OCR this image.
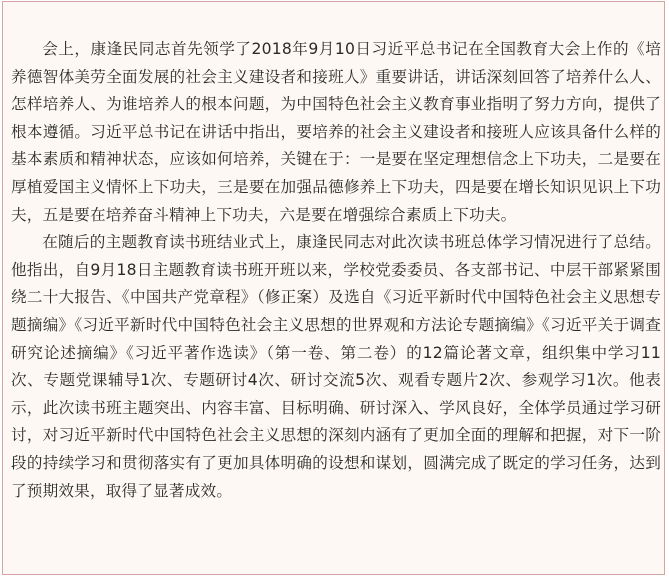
会上，康逢民同志首先领学了2018年9月10日习近平总书记在全国教育大会上作的《培养德智体美劳全面发展的社会主义建设者和接班人》重要讲话，讲话深刻回答了培养什么人、怎样培养人、为谁培养人的根本问题，为中国特色社会主义教育事业指明了努力方向，提供了根本遵循。习近平总书记在讲话中指出，要培养的社会主义建设者和接班人应该具备什么样的基本素质和精神状态，应该如何培养，关键在于：一是要在坚定理想信念上下功夫，二是要在厚植爱国主义情怀上下功夫，三是要在加强品德修养上下功夫，四是要在增长知识见识上下功夫，五是要在培养奋斗精神上下功夫，六是要在增强综合素质上下功夫。

在随后的主题教育读书班结业式上，康逢民同志对此次读书班总体学习情况进行了总结。他指出，自9月18日主题教育读书班开班以来，学校党委委员、各支部书记、中层干部紧紧围绕二十大报告、《中国共产党章程》（修正案）及选自《习近平新时代中国特色社会主义思想专题摘编》《习近平新时代中国特色社会主义思想的世界观和方法论专题摘编》《习近平关于调查研究论述摘编》《习近平著作选读》（第一卷、第二卷）的12篇论著文章，组织集中学习11次、专题党课辅导1次、专题研讨4次、研讨交流5次、观看专题片2次、参观学习1次。他表示，此次读书班主题突出、内容丰富、目标明确、研讨深入、学风良好，全体学员通过学习研讨，对习近平新时代中国特色社会主义思想的深刻内涵有了更加全面的理解和把握，对下一阶段的持续学习和贯彻落实有了更加具体明确的设想和谋划，圆满完成了既定的学习任务，达到了预期效果，取得了显著成效。
